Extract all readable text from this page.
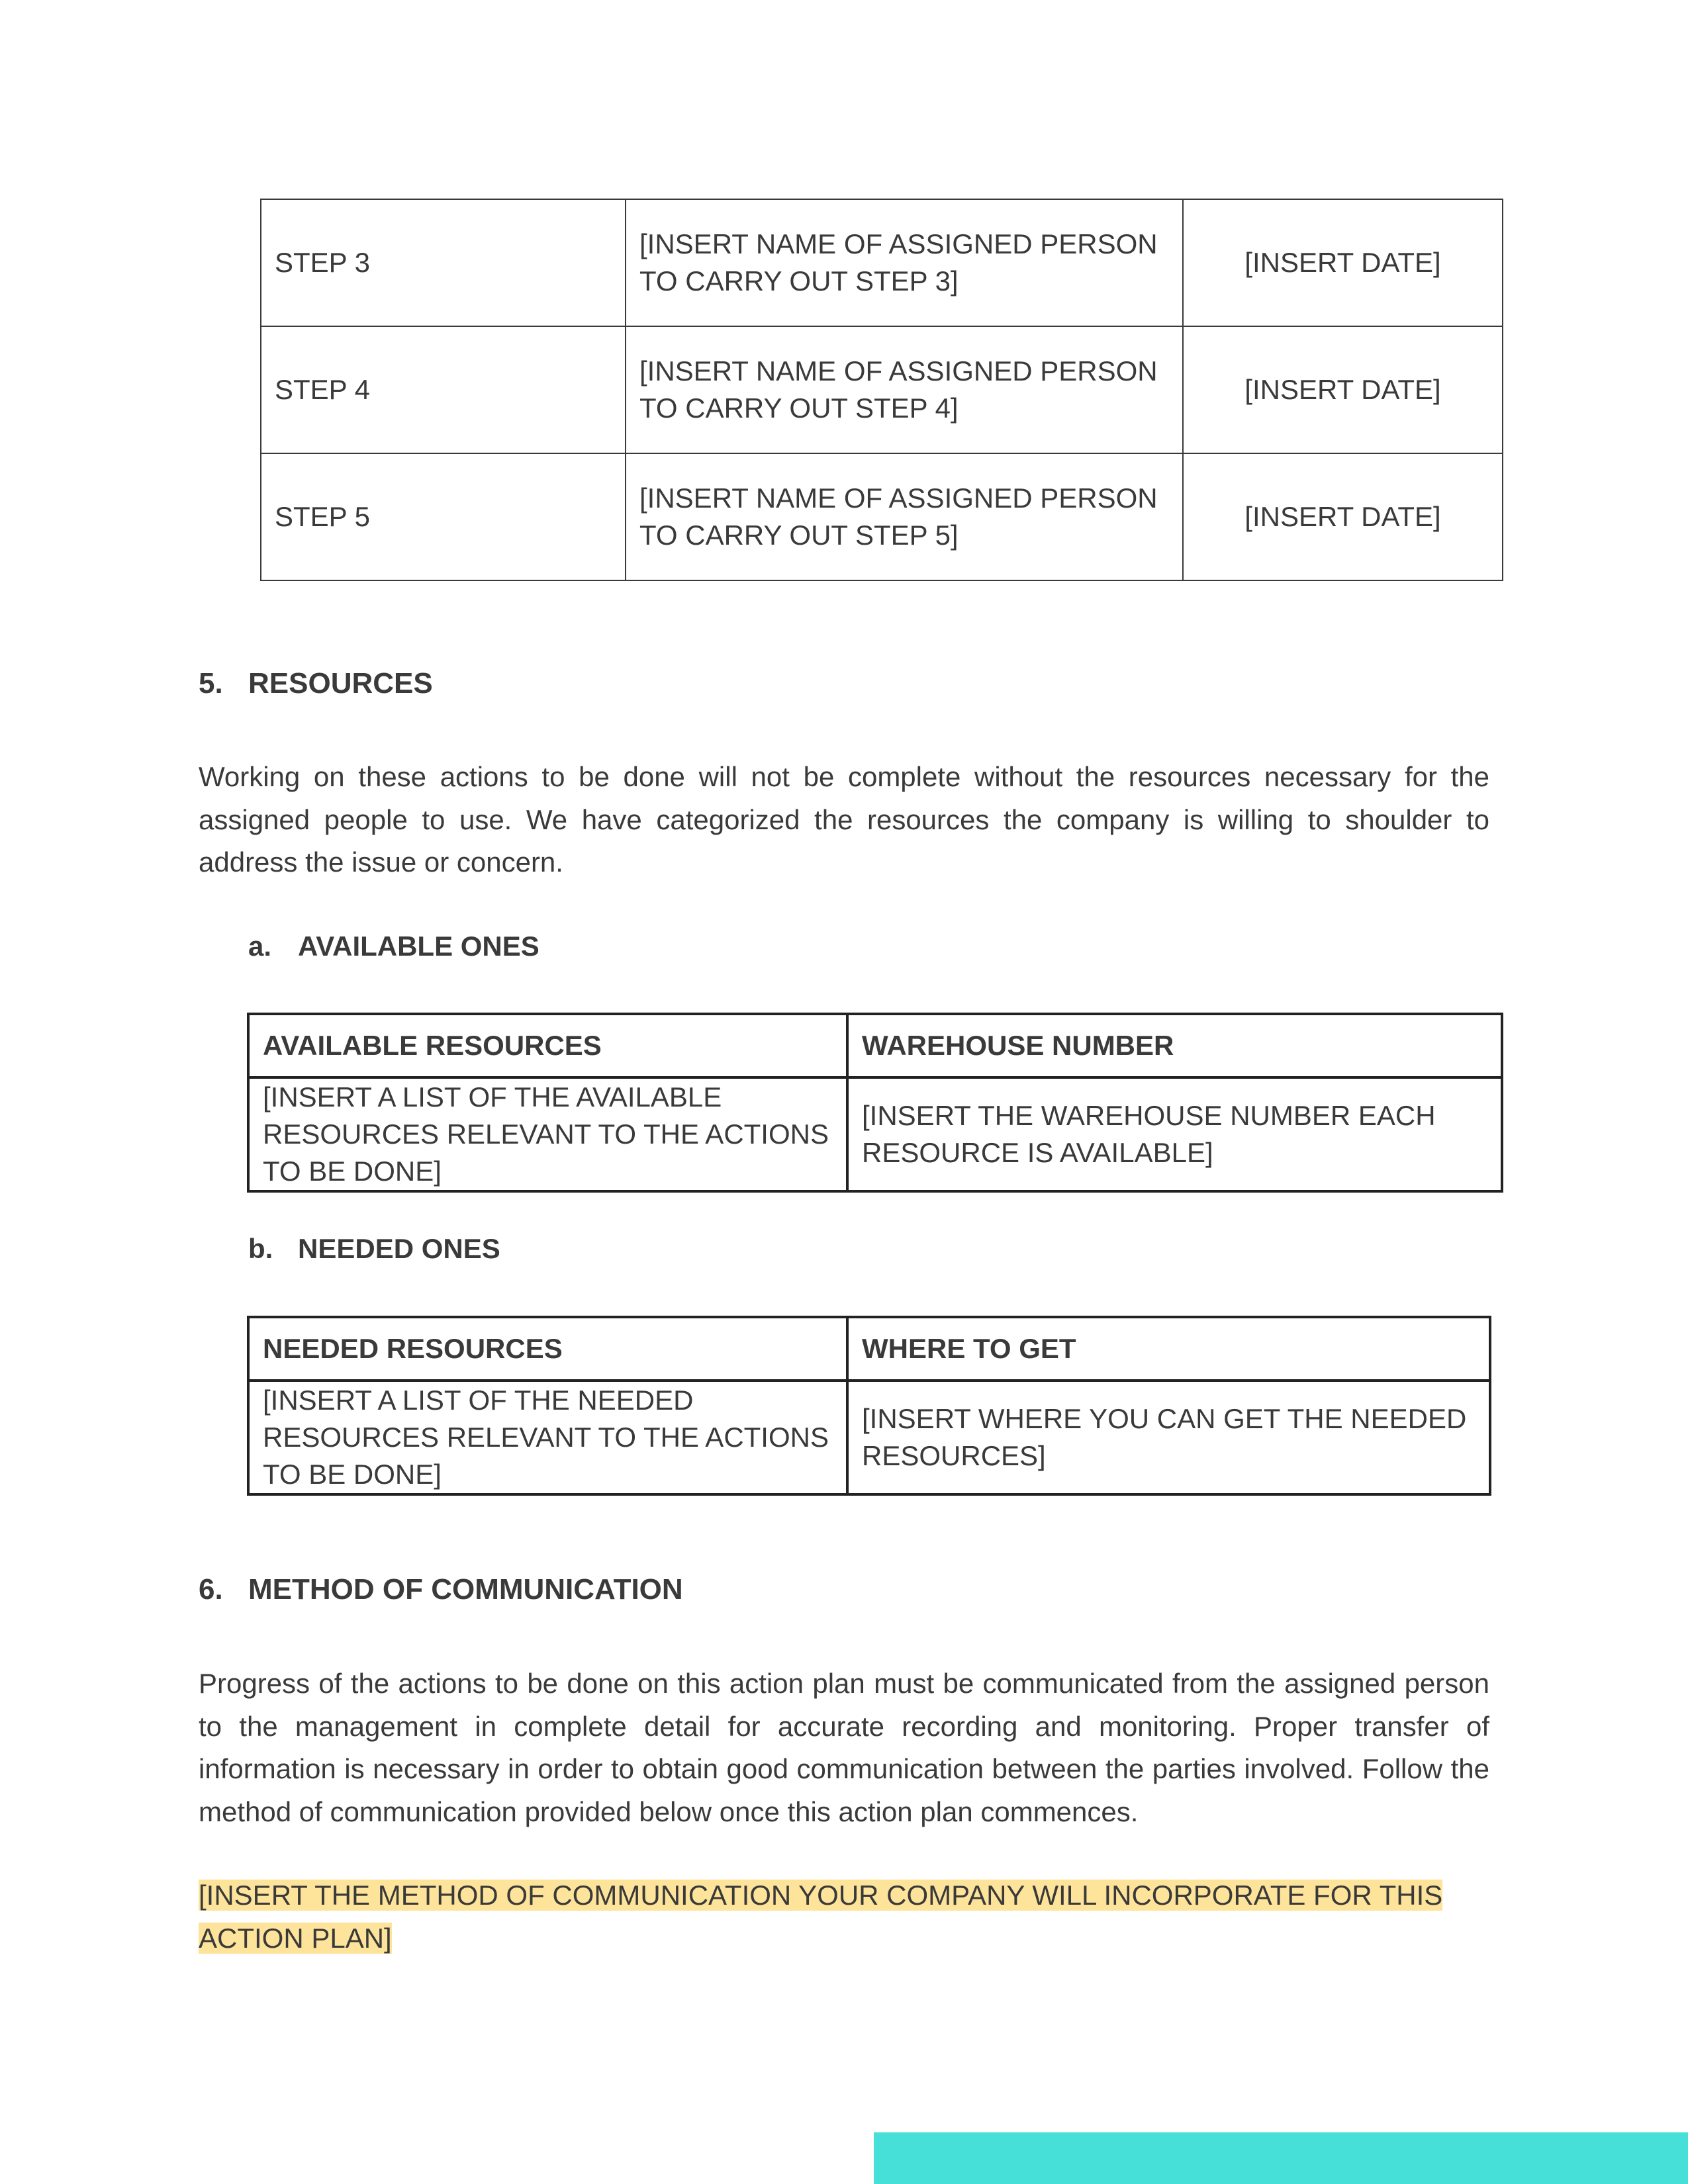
STEP 3	[INSERT NAME OF ASSIGNED PERSON TO CARRY OUT STEP 3]	[INSERT DATE]
STEP 4	[INSERT NAME OF ASSIGNED PERSON TO CARRY OUT STEP 4]	[INSERT DATE]
STEP 5	[INSERT NAME OF ASSIGNED PERSON TO CARRY OUT STEP 5]	[INSERT DATE]
5. RESOURCES
Working on these actions to be done will not be complete without the resources necessary for the assigned people to use. We have categorized the resources the company is willing to shoulder to address the issue or concern.
a. AVAILABLE ONES
AVAILABLE RESOURCES	WAREHOUSE NUMBER
[INSERT A LIST OF THE AVAILABLE RESOURCES RELEVANT TO THE ACTIONS TO BE DONE]	[INSERT THE WAREHOUSE NUMBER EACH RESOURCE IS AVAILABLE]
b. NEEDED ONES
NEEDED RESOURCES	WHERE TO GET
[INSERT A LIST OF THE NEEDED RESOURCES RELEVANT TO THE ACTIONS TO BE DONE]	[INSERT WHERE YOU CAN GET THE NEEDED RESOURCES]
6. METHOD OF COMMUNICATION
Progress of the actions to be done on this action plan must be communicated from the assigned person to the management in complete detail for accurate recording and monitoring. Proper transfer of information is necessary in order to obtain good communication between the parties involved. Follow the method of communication provided below once this action plan commences.
[INSERT THE METHOD OF COMMUNICATION YOUR COMPANY WILL INCORPORATE FOR THIS ACTION PLAN]
